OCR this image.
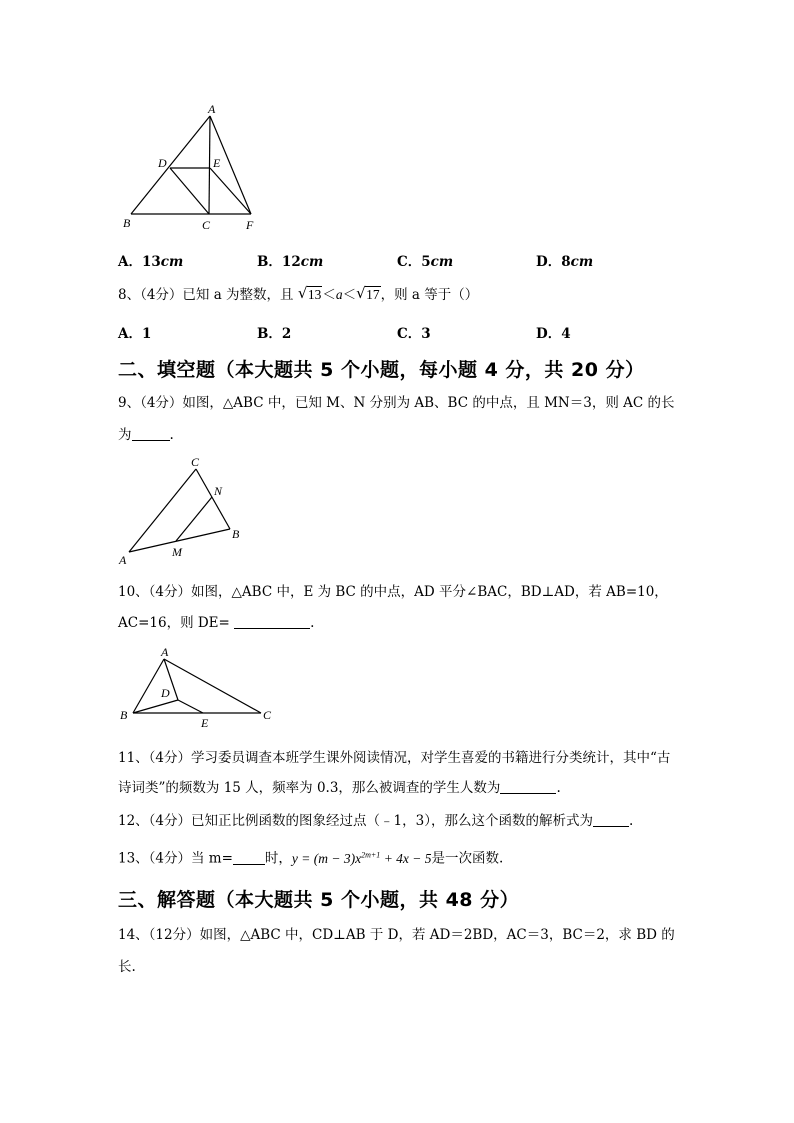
A
D	E
B	C	F
A．13cm	B．12cm	C．5cm	D．8cm
8、（4分）已知 a 为整数，且 √ 13＜a＜ √ 17，则 a 等于（）
A．1	B．2	C．3	D．4
二、填空题（本大题共 5 个小题，每小题 4 分，共 20 分）
9、（4分）如图，△ABC 中，已知 M、N 分别为 AB、BC 的中点，且 MN＝3，则 AC 的长
为	.
C
N
B
A
M
10、（4分）如图，△ABC 中，E 为 BC 的中点，AD 平分∠BAC，BD⊥AD，若 AB=10，
AC=16，则 DE=	.
A
D
B
E
C
11、（4分）学习委员调查本班学生课外阅读情况，对学生喜爱的书籍进行分类统计，其中“古
诗词类”的频数为 15 人，频率为 0.3，那么被调查的学生人数为	.
12、（4分）已知正比例函数的图象经过点（﹣1，3），那么这个函数的解析式为	.
13、（4分）当 m= 时，$y = (m - 3)x^{2m+1} + 4x - 5$是一次函数.
三、解答题（本大题共 5 个小题，共 48 分）
14、（12分）如图，△ABC 中，CD⊥AB 于 D，若 AD＝2BD，AC＝3，BC＝2，求 BD 的
长.
